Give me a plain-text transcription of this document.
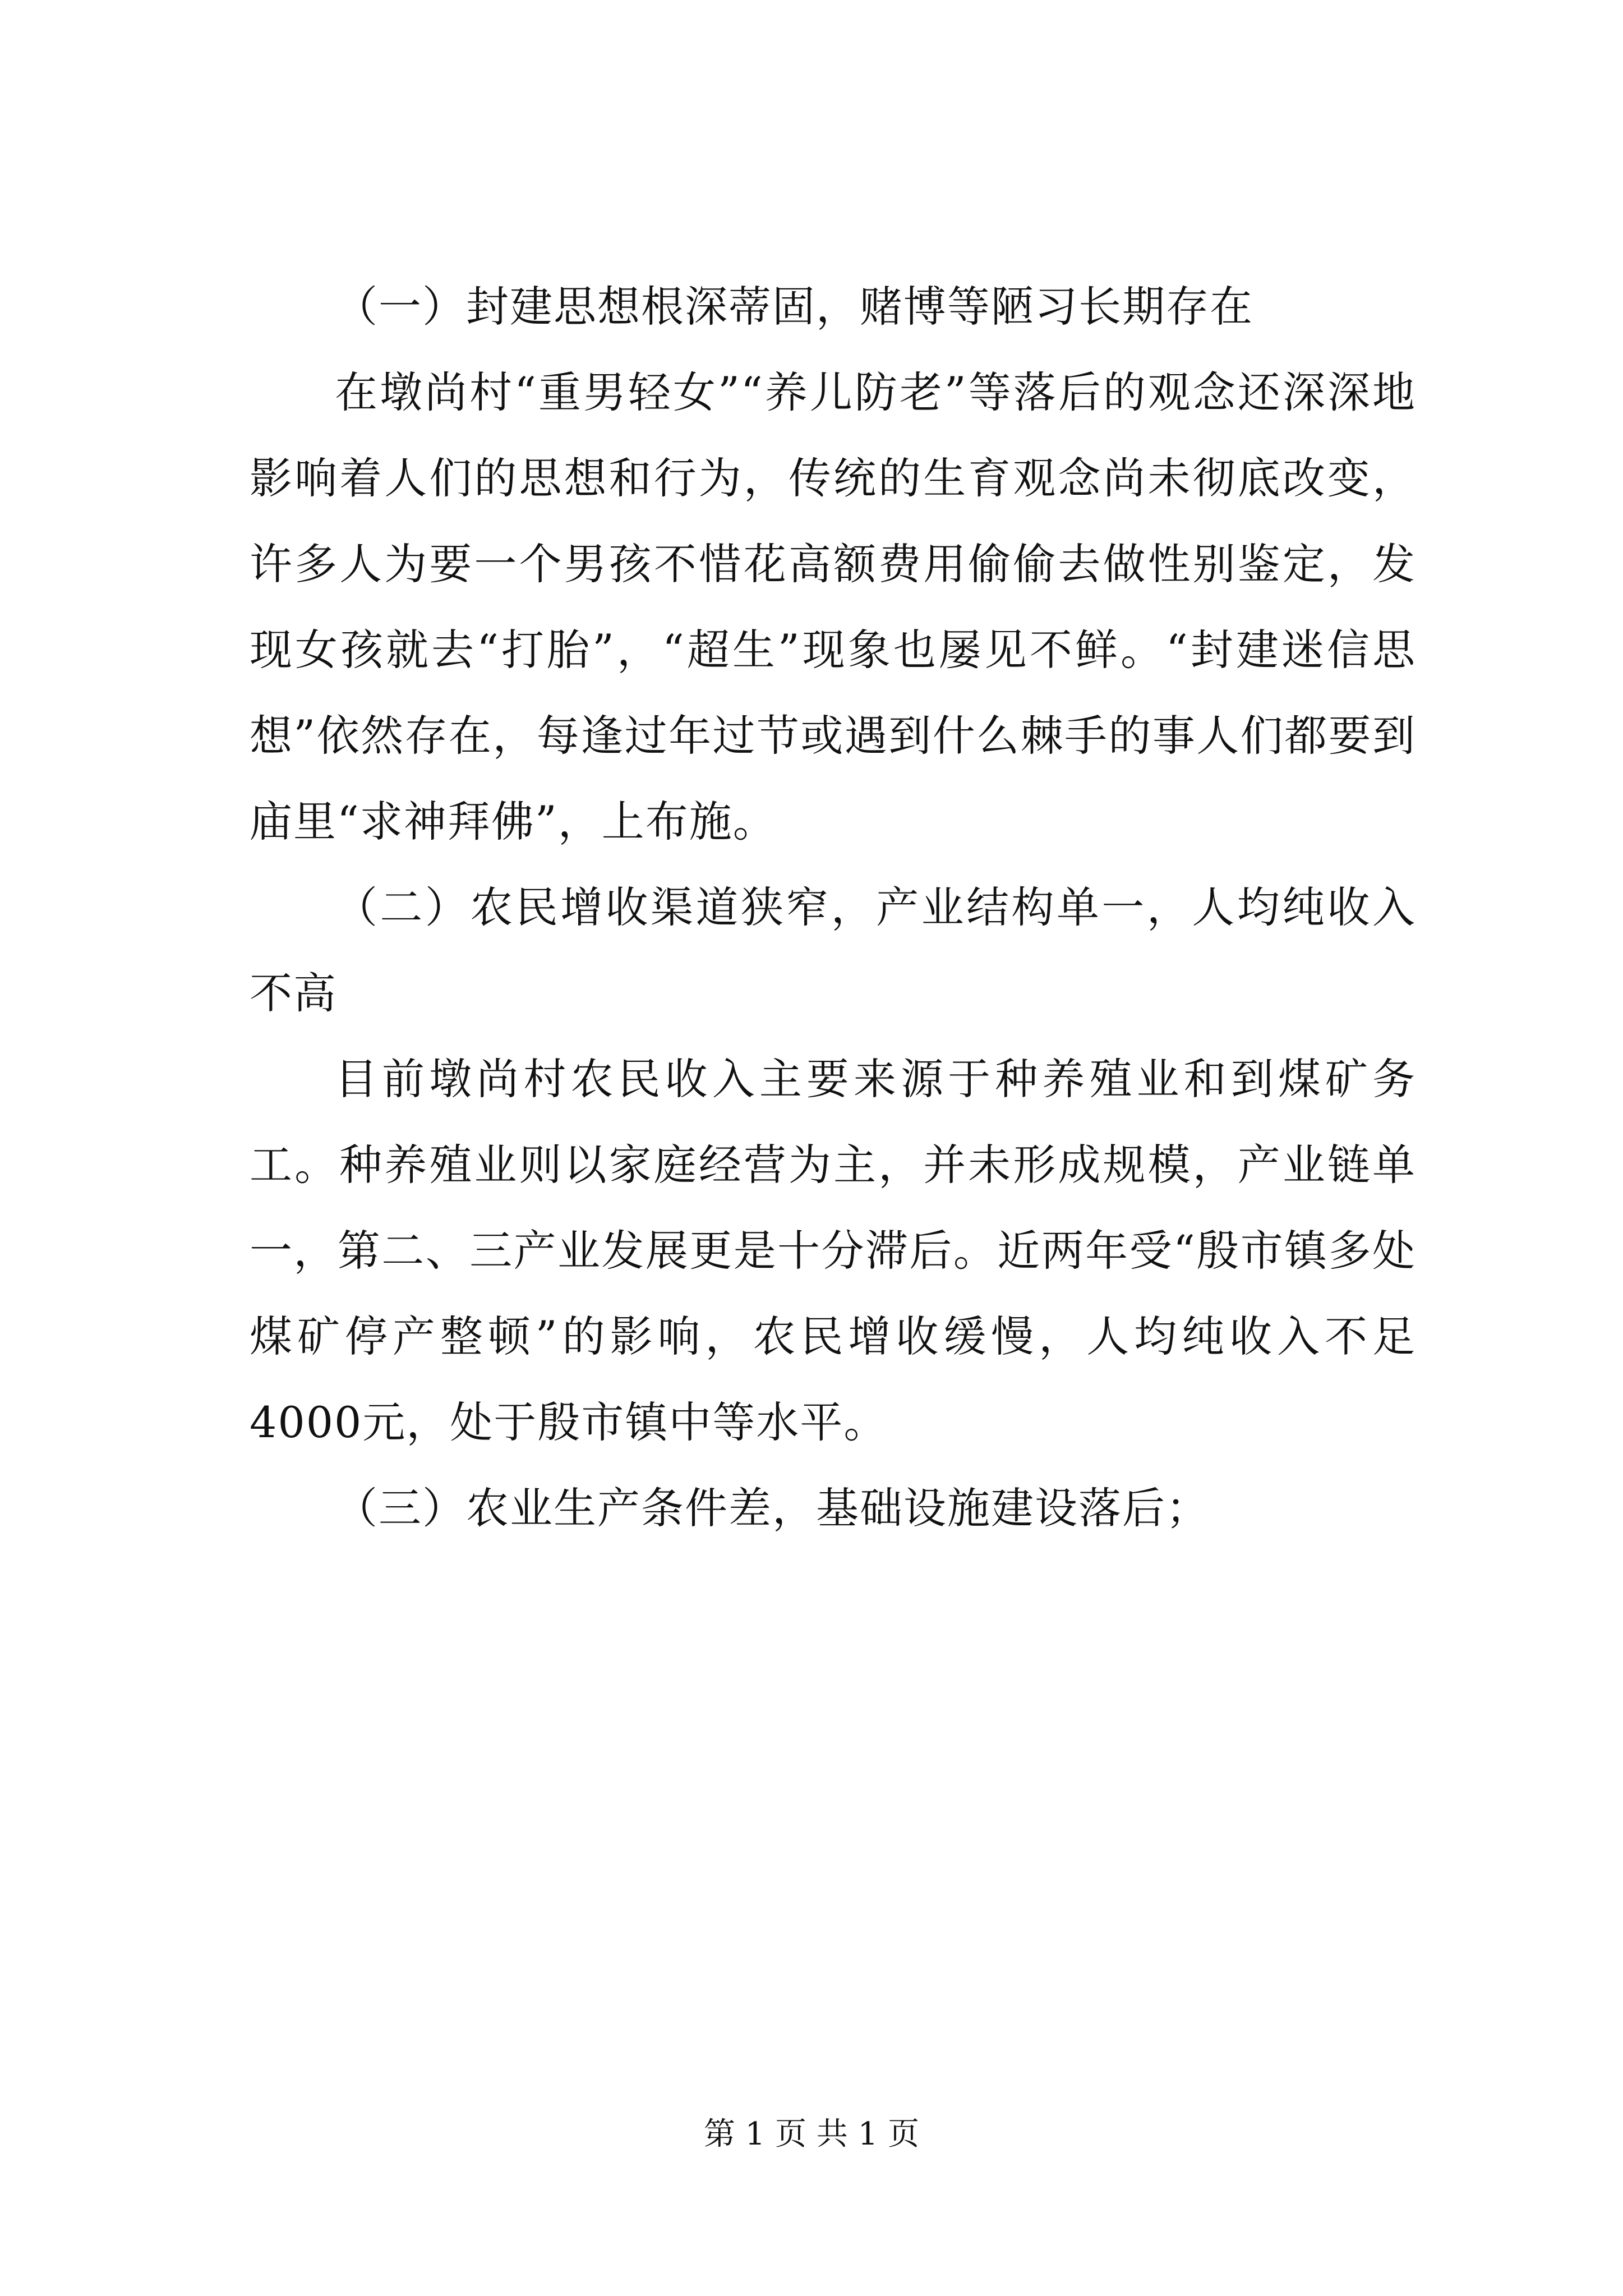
（一）封建思想根深蒂固，赌博等陋习长期存在

在墩尚村“重男轻女”“养儿防老”等落后的观念还深深地影响着人们的思想和行为，传统的生育观念尚未彻底改变，许多人为要一个男孩不惜花高额费用偷偷去做性别鉴定，发现女孩就去“打胎”，“超生”现象也屡见不鲜。“封建迷信思想”依然存在，每逢过年过节或遇到什么棘手的事人们都要到庙里“求神拜佛”，上布施。

（二）农民增收渠道狭窄，产业结构单一，人均纯收入不高

目前墩尚村农民收入主要来源于种养殖业和到煤矿务工。种养殖业则以家庭经营为主，并未形成规模，产业链单一，第二、三产业发展更是十分滞后。近两年受“殷市镇多处煤矿停产整顿”的影响，农民增收缓慢，人均纯收入不足4000元，处于殷市镇中等水平。

（三）农业生产条件差，基础设施建设落后；

第 1 页 共 1 页
